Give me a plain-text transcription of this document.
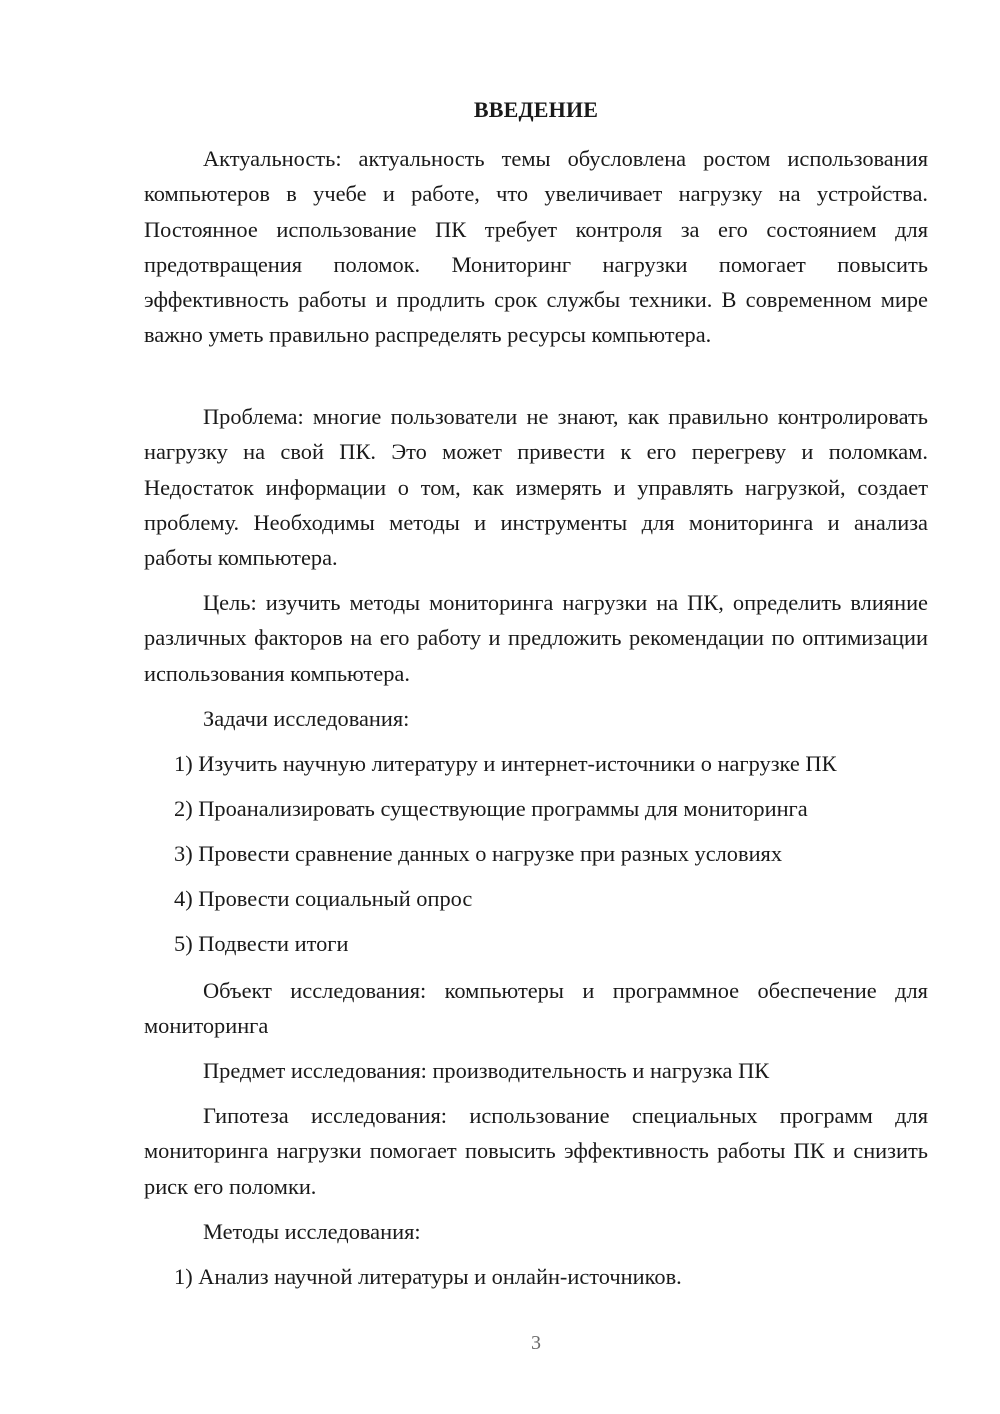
ВВЕДЕНИЕ

Актуальность: актуальность темы обусловлена ростом использования компьютеров в учебе и работе, что увеличивает нагрузку на устройства. Постоянное использование ПК требует контроля за его состоянием для предотвращения поломок. Мониторинг нагрузки помогает повысить эффективность работы и продлить срок службы техники. В современном мире важно уметь правильно распределять ресурсы компьютера.

Проблема: многие пользователи не знают, как правильно контролировать нагрузку на свой ПК. Это может привести к его перегреву и поломкам. Недостаток информации о том, как измерять и управлять нагрузкой, создает проблему. Необходимы методы и инструменты для мониторинга и анализа работы компьютера.

Цель: изучить методы мониторинга нагрузки на ПК, определить влияние различных факторов на его работу и предложить рекомендации по оптимизации использования компьютера.

Задачи исследования:
1) Изучить научную литературу и интернет-источники о нагрузке ПК
2) Проанализировать существующие программы для мониторинга
3) Провести сравнение данных о нагрузке при разных условиях
4) Провести социальный опрос
5) Подвести итоги

Объект исследования: компьютеры и программное обеспечение для мониторинга

Предмет исследования: производительность и нагрузка ПК

Гипотеза исследования: использование специальных программ для мониторинга нагрузки помогает повысить эффективность работы ПК и снизить риск его поломки.

Методы исследования:
1) Анализ научной литературы и онлайн-источников.
3
